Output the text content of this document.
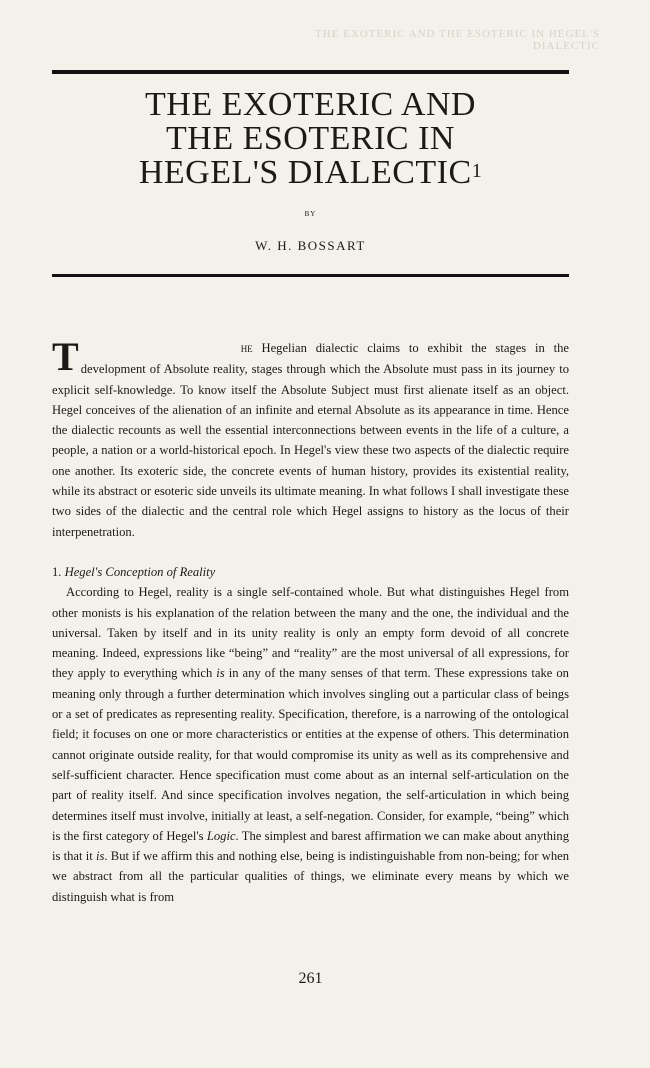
THE EXOTERIC AND THE ESOTERIC IN HEGEL'S DIALECTIC
THE EXOTERIC AND
THE ESOTERIC IN
HEGEL'S DIALECTIC$^1$
BY
W. H. BOSSART

T	HE Hegelian dialectic claims to exhibit the stages in the development of Absolute reality, stages through which the Absolute must pass in its journey to explicit self-knowledge. To know itself the Absolute Subject must first alienate itself as an object. Hegel conceives of the alienation of an infinite and eternal Absolute as its appearance in time. Hence the dialectic recounts as well the essential interconnections between events in the life of a culture, a people, a nation or a world-historical epoch. In Hegel's view these two aspects of the dialectic require one another. Its exoteric side, the concrete events of human history, provides its existential reality, while its abstract or esoteric side unveils its ultimate meaning. In what follows I shall investigate these two sides of the dialectic and the central role which Hegel assigns to history as the locus of their interpenetration.

1. Hegel's Conception of Reality

According to Hegel, reality is a single self-contained whole. But what distinguishes Hegel from other monists is his explanation of the relation between the many and the one, the individual and the universal. Taken by itself and in its unity reality is only an empty form devoid of all concrete meaning. Indeed, expressions like “being” and “reality” are the most universal of all expressions, for they apply to everything which is in any of the many senses of that term. These expressions take on meaning only through a further determination which involves singling out a particular class of beings or a set of predicates as representing reality. Specification, therefore, is a narrowing of the ontological field; it focuses on one or more characteristics or entities at the expense of others. This determination cannot originate outside reality, for that would compromise its unity as well as its comprehensive and self-sufficient character. Hence specification must come about as an internal self-articulation on the part of reality itself. And since specification involves negation, the self-articulation in which being determines itself must involve, initially at least, a self-negation. Consider, for example, “being” which is the first category of Hegel's Logic. The simplest and barest affirmation we can make about anything is that it is. But if we affirm this and nothing else, being is indistinguishable from non-being; for when we abstract from all the particular qualities of things, we eliminate every means by which we distinguish what is from

261
